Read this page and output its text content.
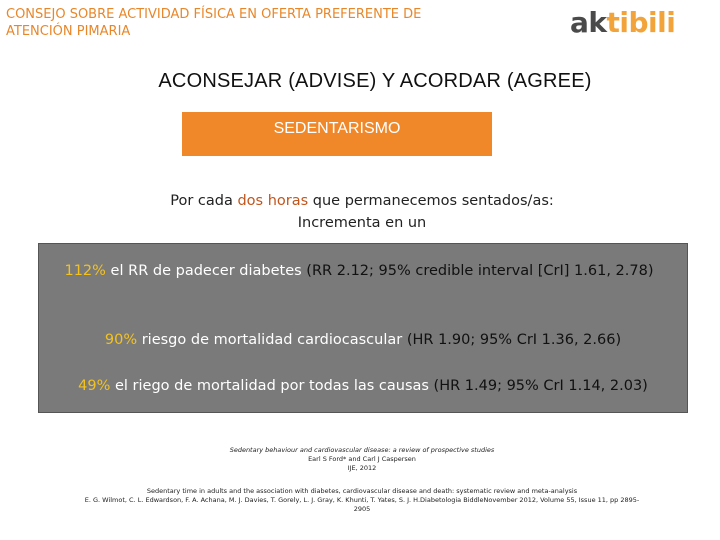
CONSEJO SOBRE ACTIVIDAD FÍSICA EN OFERTA PREFERENTE DE
ATENCIÓN PIMARIA	aktibili
ACONSEJAR (ADVISE) Y ACORDAR (AGREE)
SEDENTARISMO
Por cada dos horas que permanecemos sentados/as:
Incrementa en un
112% el RR de padecer diabetes (RR 2.12; 95% credible interval [CrI] 1.61, 2.78)
90% riesgo de mortalidad cardiocascular (HR 1.90; 95% CrI 1.36, 2.66)
49% el riego de mortalidad por todas las causas (HR 1.49; 95% CrI 1.14, 2.03)
Sedentary behaviour and cardiovascular disease: a review of prospective studies
Earl S Ford* and Carl J Caspersen
IJE, 2012
Sedentary time in adults and the association with diabetes, cardiovascular disease and death: systematic review and meta-analysis
E. G. Wilmot, C. L. Edwardson, F. A. Achana, M. J. Davies, T. Gorely, L. J. Gray, K. Khunti, T. Yates, S. J. H.Diabetologia BiddleNovember 2012, Volume 55, Issue 11, pp 2895-
2905
